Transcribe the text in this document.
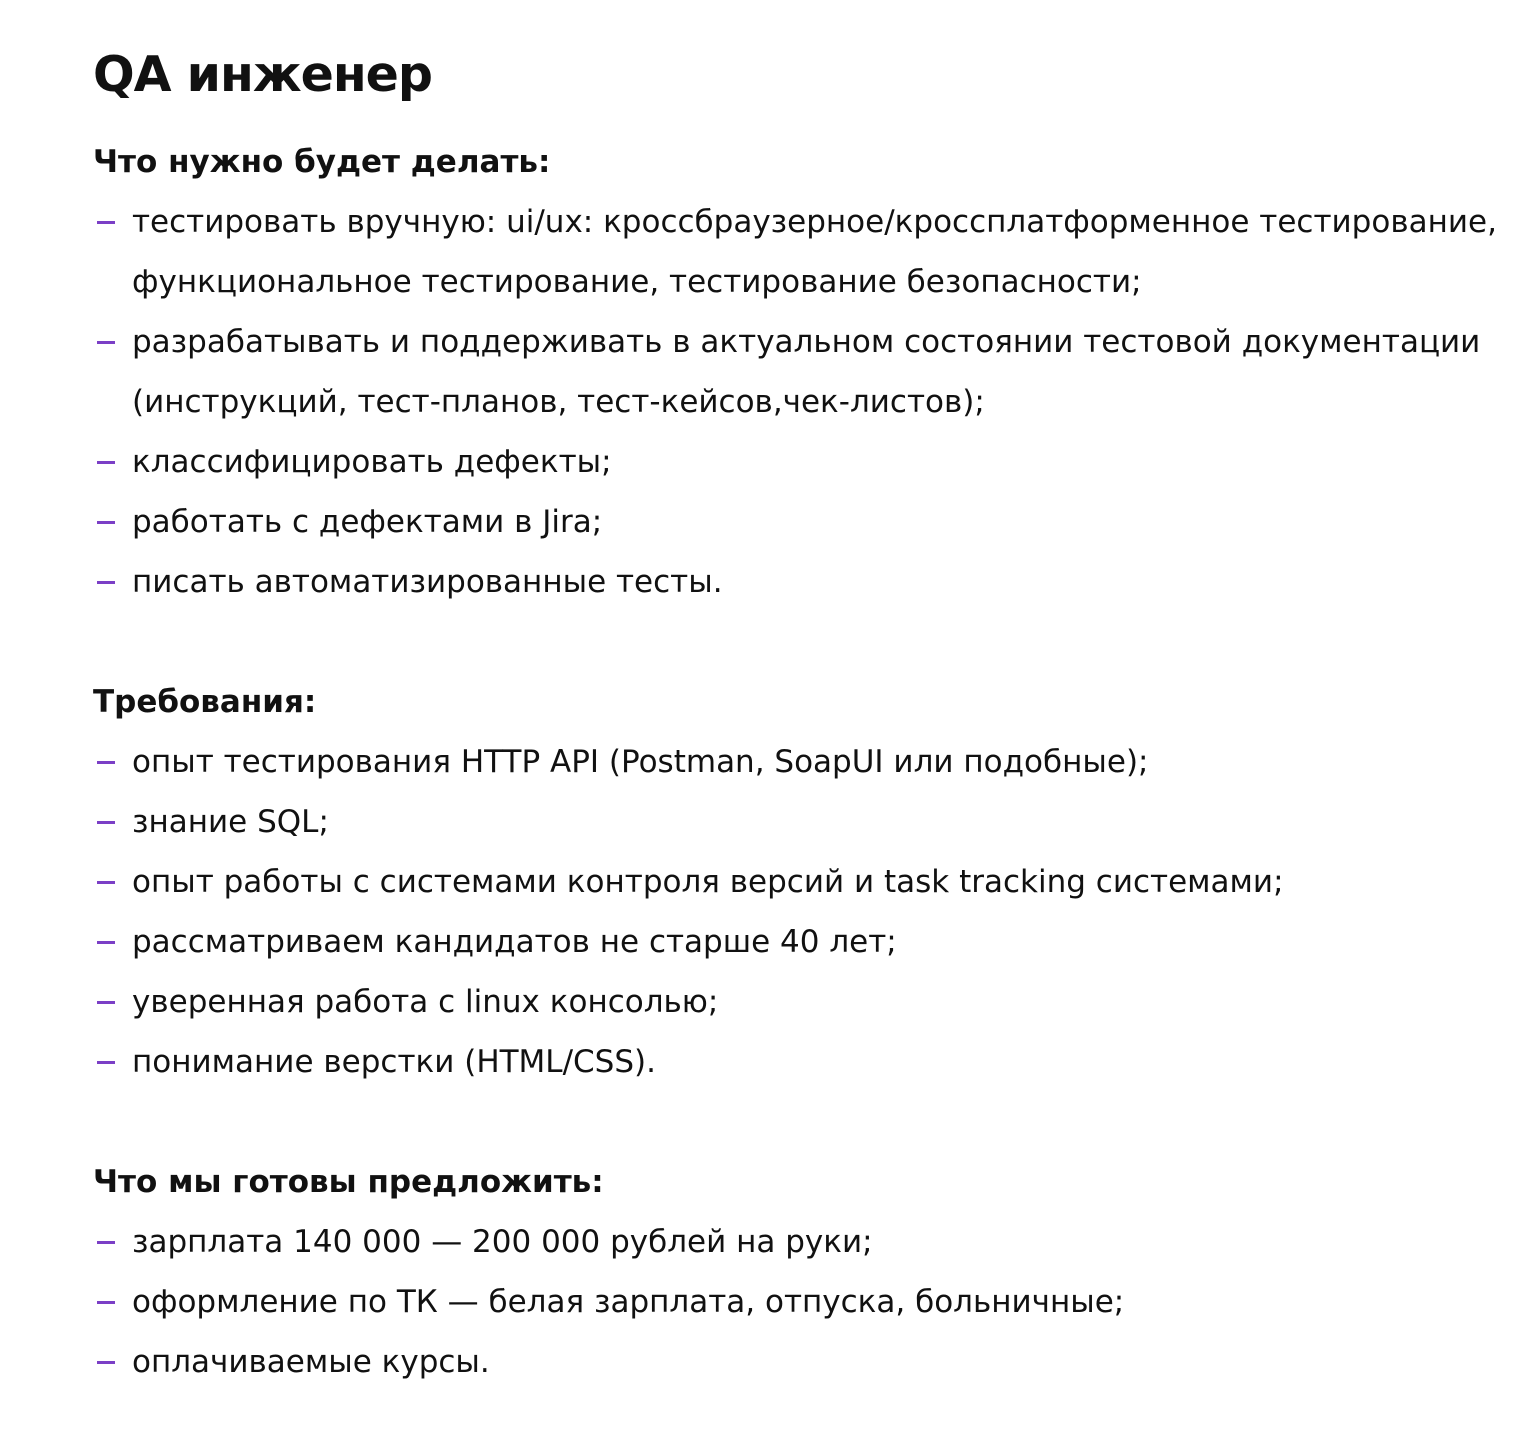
QA инженер
Что нужно будет делать:
тестировать вручную: ui/ux: кроссбраузерное/кроссплатформенное тестирование, функциональное тестирование, тестирование безопасности;
разрабатывать и поддерживать в актуальном состоянии тестовой документации (инструкций, тест-планов, тест-кейсов,чек-листов);
классифицировать дефекты;
работать с дефектами в Jira;
писать автоматизированные тесты.
Требования:
опыт тестирования HTTP API (Postman, SoapUI или подобные);
знание SQL;
опыт работы с системами контроля версий и task tracking системами;
рассматриваем кандидатов не старше 40 лет;
уверенная работа с linux консолью;
понимание верстки (HTML/CSS).
Что мы готовы предложить:
зарплата 140 000 — 200 000 рублей на руки;
оформление по ТК — белая зарплата, отпуска, больничные;
оплачиваемые курсы.
